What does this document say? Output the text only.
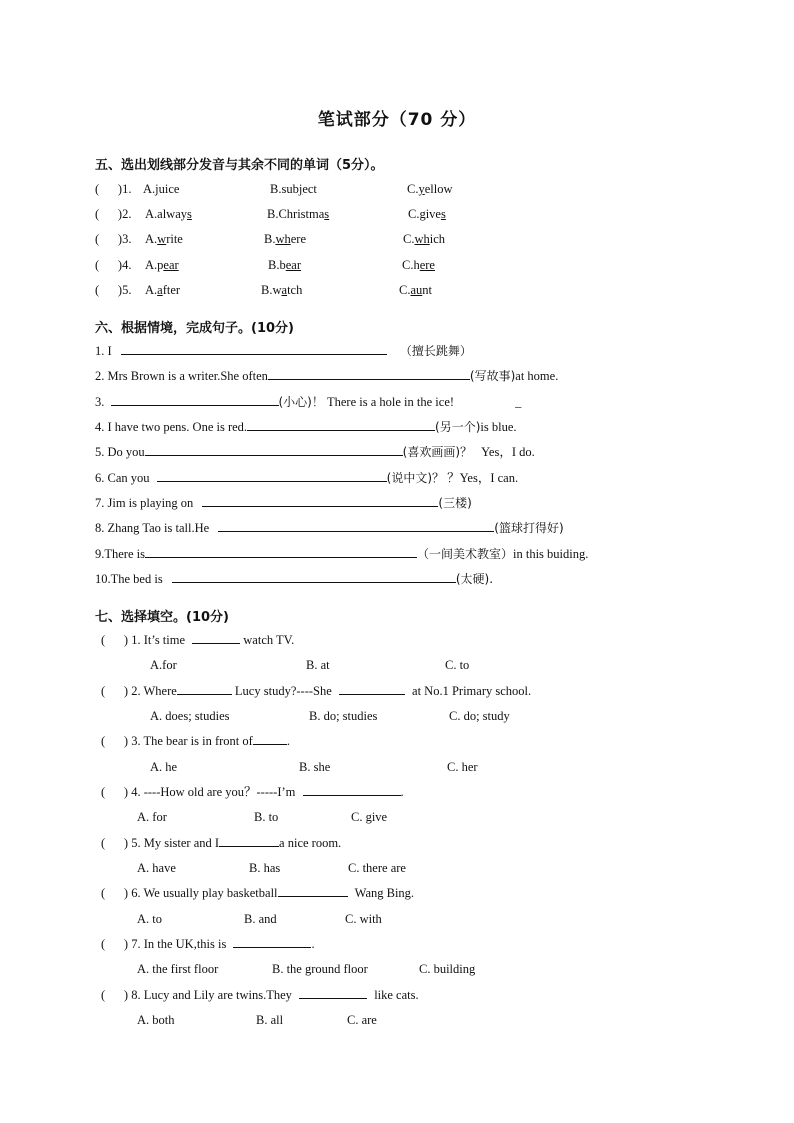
笔试部分（70 分）
五、选出划线部分发音与其余不同的单词（5分）。
(      )1. A.juice	B.subject	C.yellow
(      )2. A.always	B.Christmas	C.gives
(      )3. A.write	B.where	C.which
(      )4. A.pear	B.bear	C.here
(      )5. A.after	B.watch	C.aunt
六、根据情境，完成句子。(10分)
1. I	（擅长跳舞）
2. Mrs Brown is a writer.She often	(写故事)at home.
3.	(小心)！ There is a hole in the ice!	_
4. I have two pens. One is red.	(另一个)is blue.
5. Do you	(喜欢画画)？ Yes，I do.
6. Can you	(说中文)？ ？Yes，I can.
7. Jim is playing on	(三楼)
8. Zhang Tao is tall.He	(篮球打得好)
9.There is	（一间美术教室）in this buiding.
10.The bed is	(太硬).
七、选择填空。(10分)
(      ) 1. It’s time	watch TV.
A.for	B. at	C. to
(      ) 2. Where	Lucy study?----She	at No.1 Primary school.
A. does; studies	B. do; studies	C. do; study
(      ) 3. The bear is in front of	.
A. he	B. she	C. her
(      ) 4. ----How old are you？-----I’m	.
A. for	B. to	C. give
(      ) 5. My sister and I	a nice room.
A. have	B. has	C. there are
(      ) 6. We usually play basketball	Wang Bing.
A. to	B. and	C. with
(      ) 7. In the UK,this is	.
A. the first floor	B. the ground floor	C. building
(      ) 8. Lucy and Lily are twins.They	like cats.
A. both	B. all	C. are
